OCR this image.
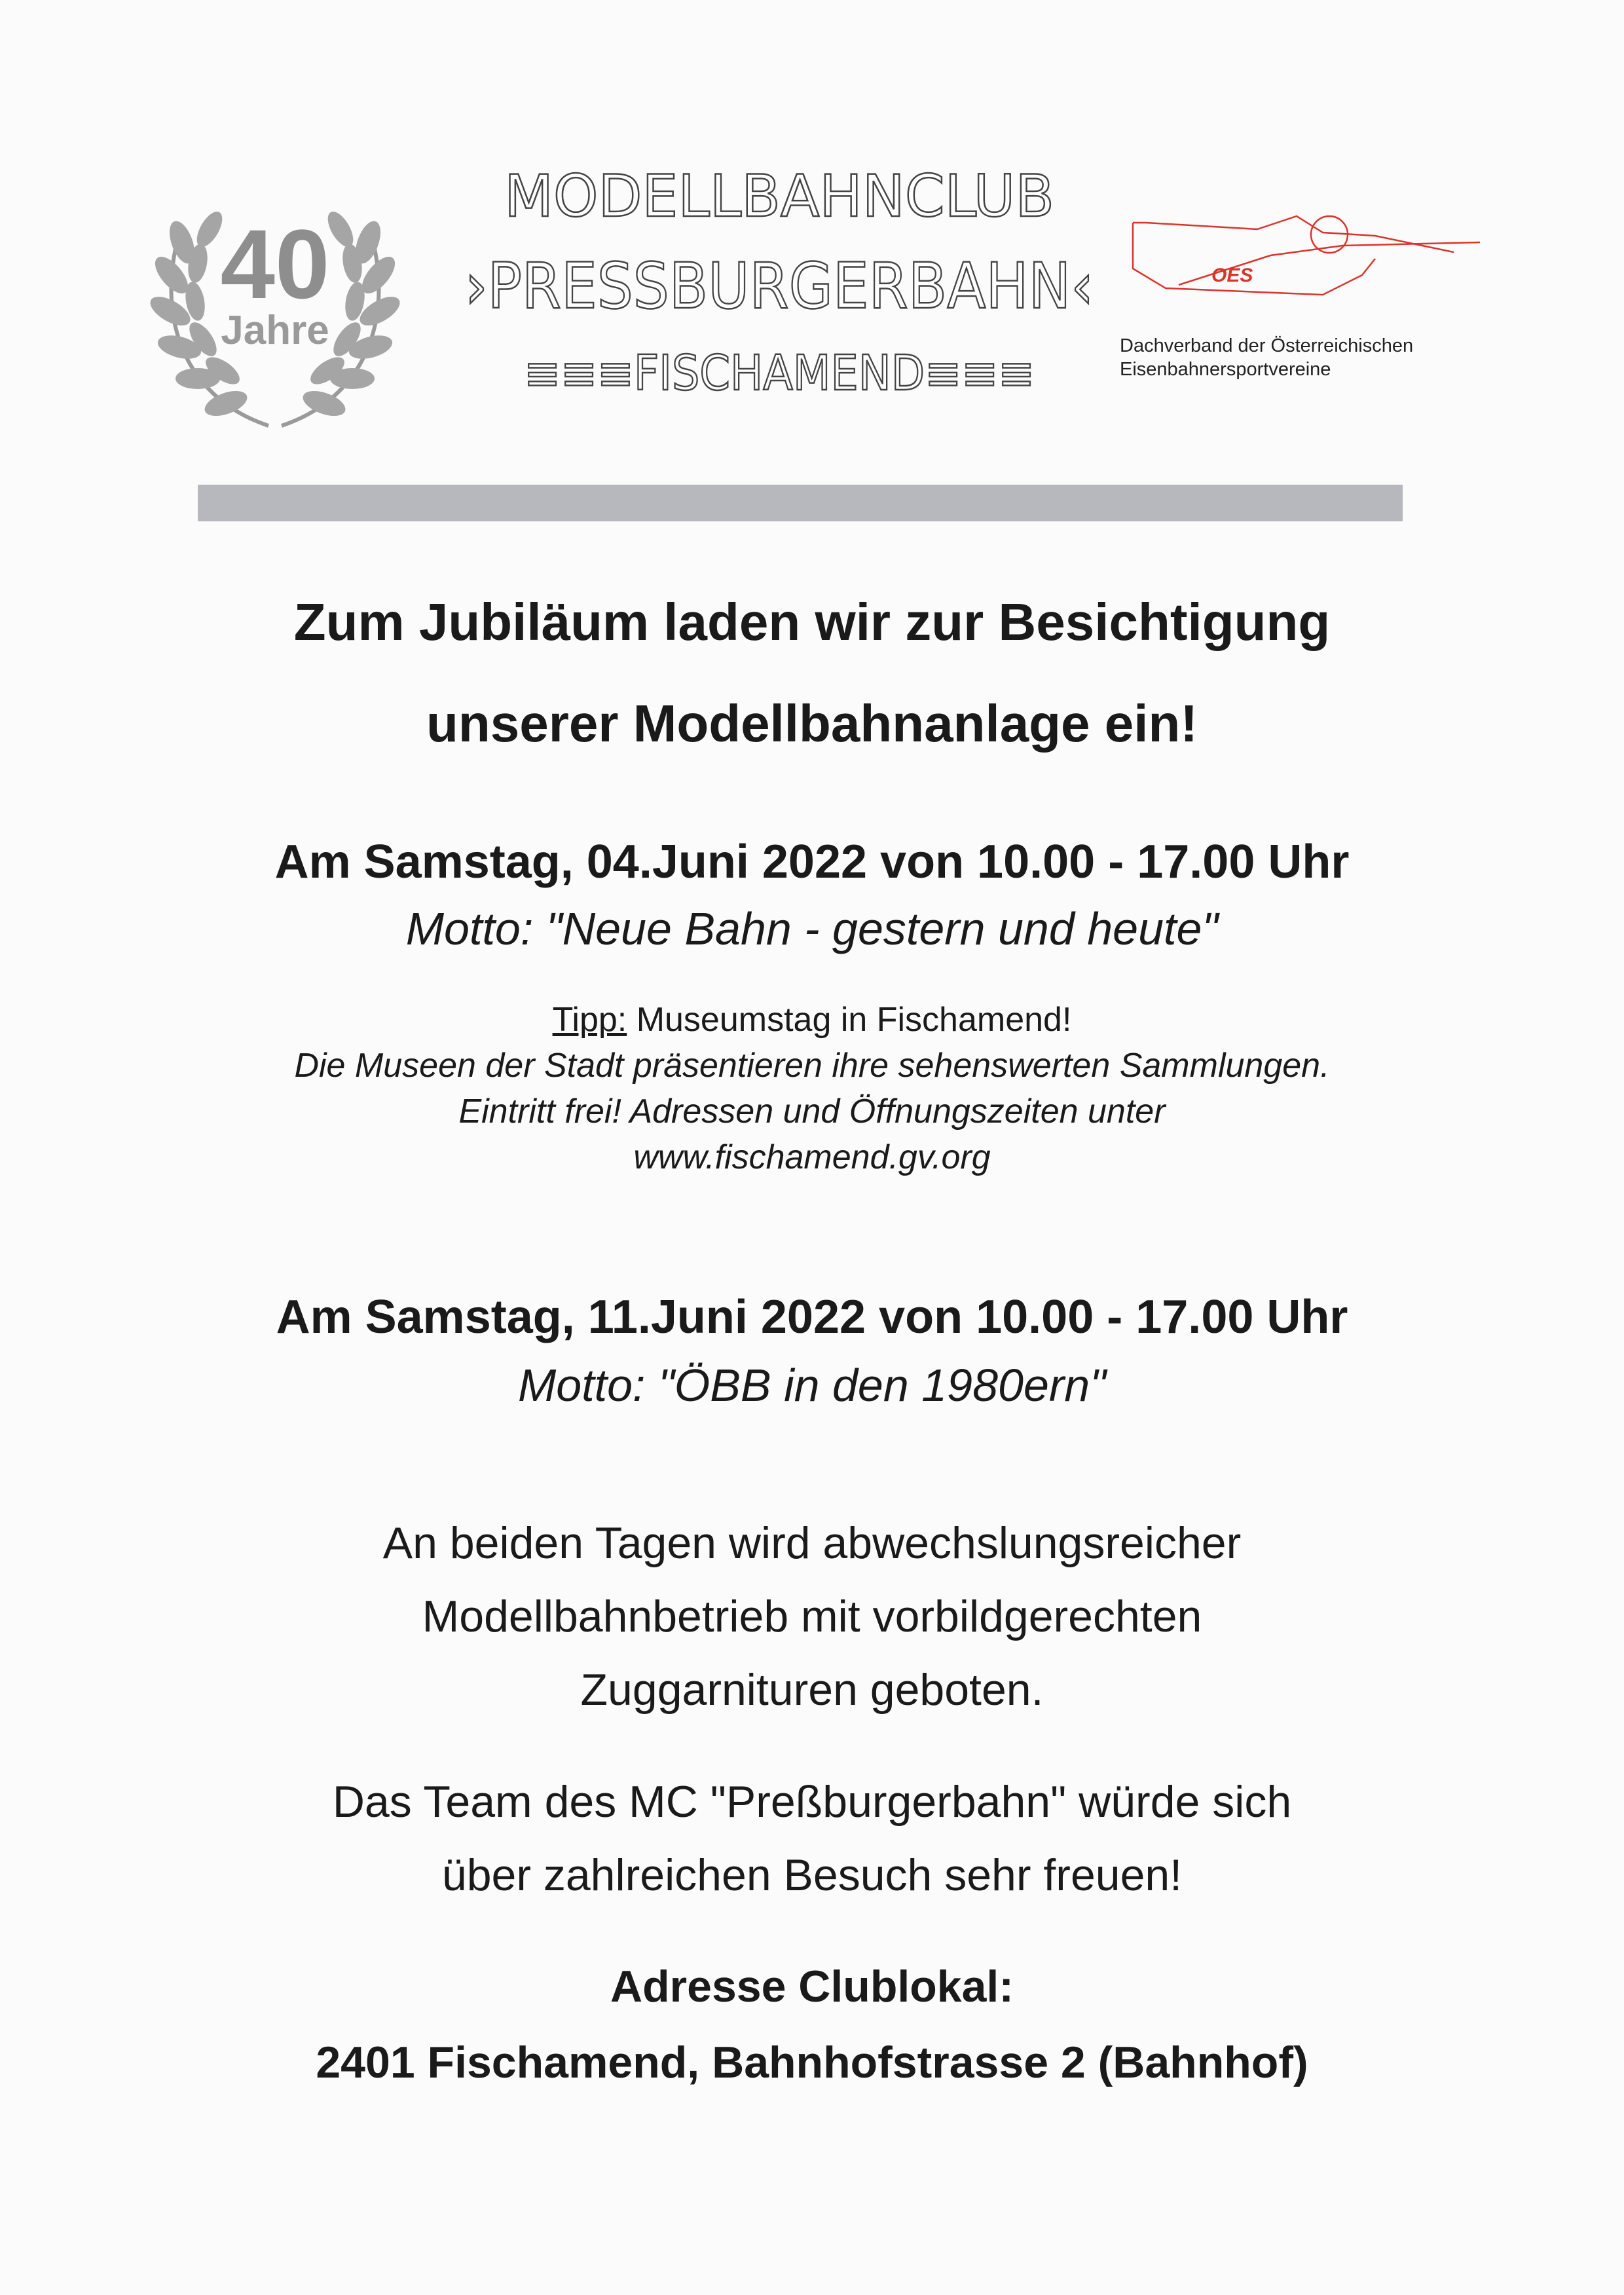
40
Jahre
MODELLBAHNCLUB
›PRESSBURGERBAHN‹
≡≡≡FISCHAMEND≡≡≡
OES
Dachverband der Österreichischen
Eisenbahnersportvereine
Zum Jubiläum laden wir zur Besichtigung
unserer Modellbahnanlage ein!
Am Samstag, 04.Juni 2022 von 10.00 - 17.00 Uhr
Motto: "Neue Bahn - gestern und heute"
Tipp: Museumstag in Fischamend!
Die Museen der Stadt präsentieren ihre sehenswerten Sammlungen.
Eintritt frei! Adressen und Öffnungszeiten unter
www.fischamend.gv.org
Am Samstag, 11.Juni 2022 von 10.00 - 17.00 Uhr
Motto: "ÖBB in den 1980ern"
An beiden Tagen wird abwechslungsreicher
Modellbahnbetrieb mit vorbildgerechten
Zuggarnituren geboten.
Das Team des MC "Preßburgerbahn" würde sich
über zahlreichen Besuch sehr freuen!
Adresse Clublokal:
2401 Fischamend, Bahnhofstrasse 2 (Bahnhof)
